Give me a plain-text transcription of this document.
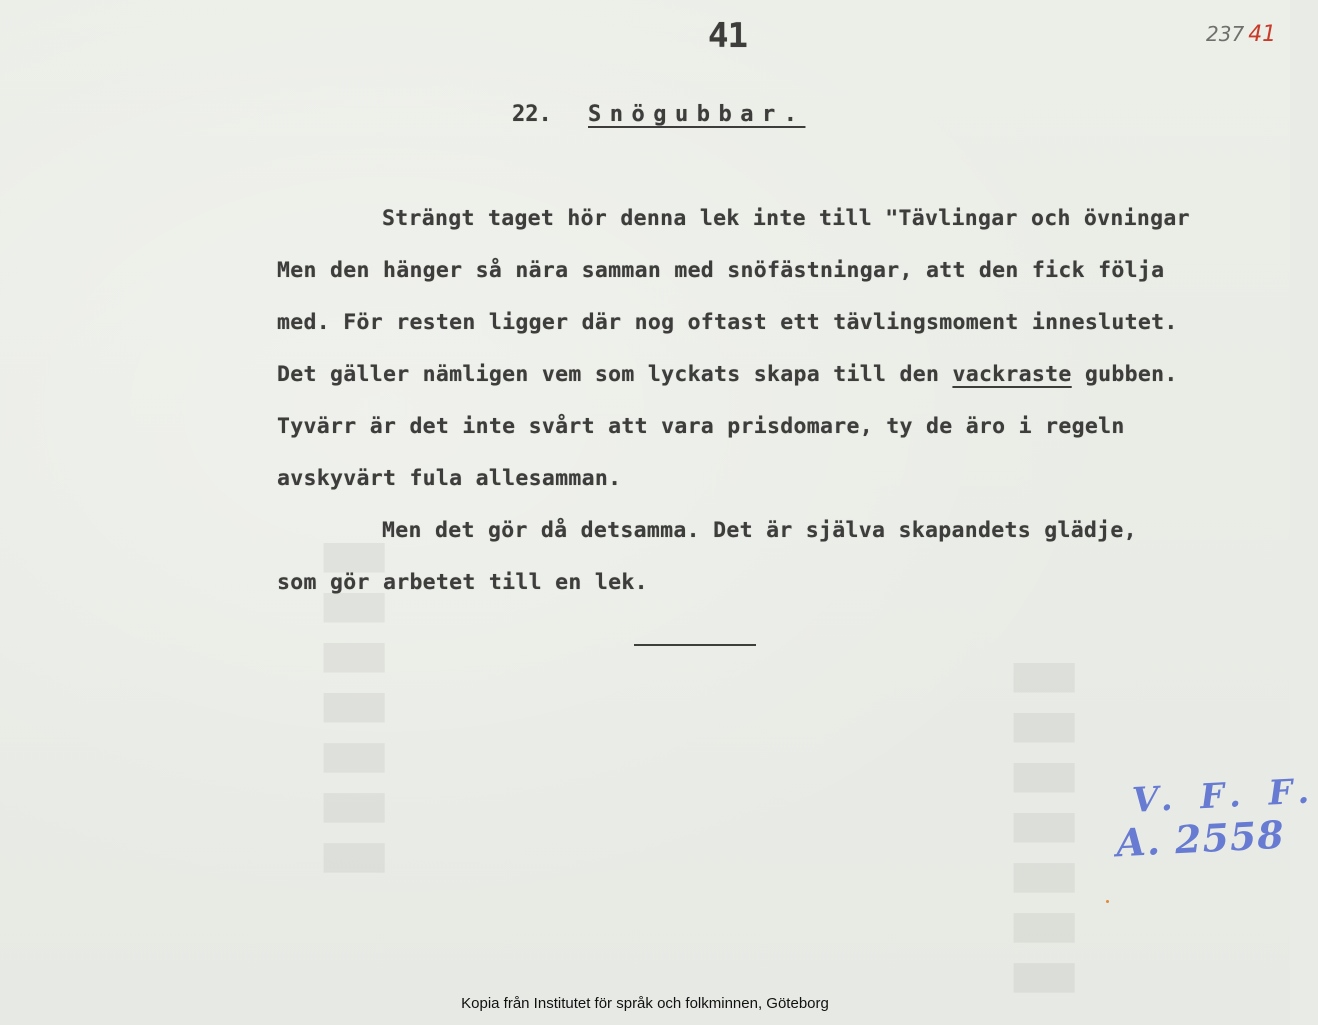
▮▮▮▮▮▮▮	▮▮▮▮▮▮▮
41	237 41
22. Snögubbar.
Strängt taget hör denna lek inte till "Tävlingar och övningar
Men den hänger så nära samman med snöfästningar, att den fick följa
med. För resten ligger där nog oftast ett tävlingsmoment inneslutet.
Det gäller nämligen vem som lyckats skapa till den vackraste gubben.
Tyvärr är det inte svårt att vara prisdomare, ty de äro i regeln
avskyvärt fula allesamman.
Men det gör då detsamma. Det är själva skapandets glädje,
som gör arbetet till en lek.
V. F. F.
A. 2558
Kopia från Institutet för språk och folkminnen, Göteborg
